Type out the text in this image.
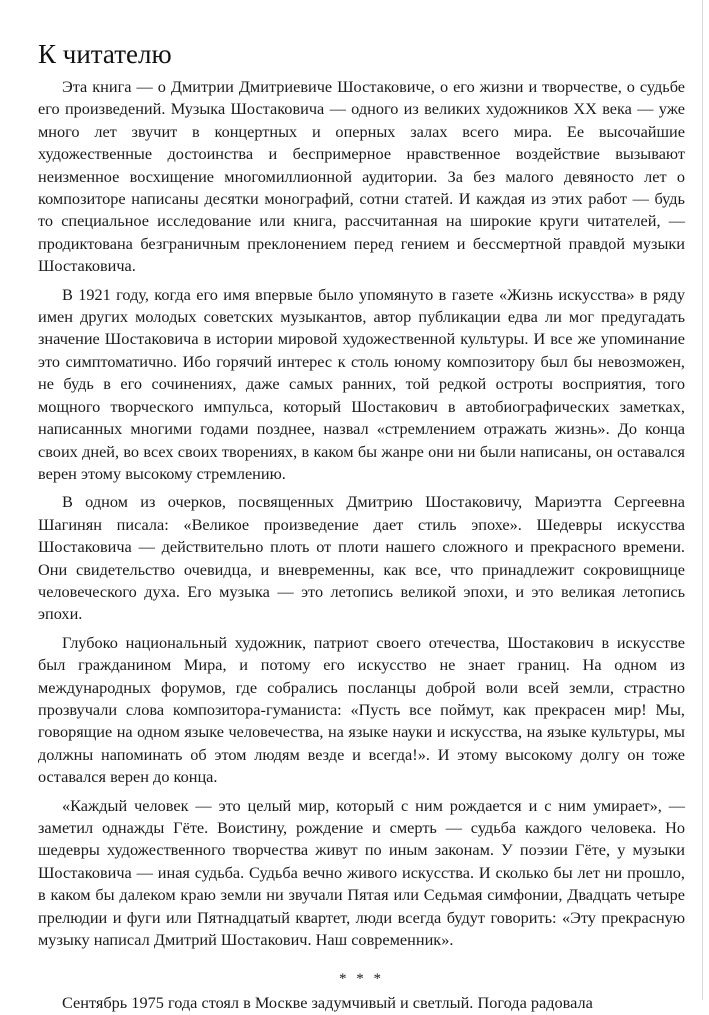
К читателю

Эта книга — о Дмитрии Дмитриевиче Шостаковиче, о его жизни и творчестве, о судьбе его произведений. Музыка Шостаковича — одного из великих художников XX века — уже много лет звучит в концертных и оперных залах всего мира. Ее высочайшие художественные достоинства и беспримерное нравственное воздействие вызывают неизменное восхищение многомиллионной аудитории. За без малого девяносто лет о композиторе написаны десятки монографий, сотни статей. И каждая из этих работ — будь то специальное исследование или книга, рассчитанная на широкие круги читателей, — продиктована безграничным преклонением перед гением и бессмертной правдой музыки Шостаковича.

В 1921 году, когда его имя впервые было упомянуто в газете «Жизнь искусства» в ряду имен других молодых советских музыкантов, автор публикации едва ли мог предугадать значение Шостаковича в истории мировой художественной культуры. И все же упоминание это симптоматично. Ибо горячий интерес к столь юному композитору был бы невозможен, не будь в его сочинениях, даже самых ранних, той редкой остроты восприятия, того мощного творческого импульса, который Шостакович в автобиографических заметках, написанных многими годами позднее, назвал «стремлением отражать жизнь». До конца своих дней, во всех своих творениях, в каком бы жанре они ни были написаны, он оставался верен этому высокому стремлению.

В одном из очерков, посвященных Дмитрию Шостаковичу, Мариэтта Сергеевна Шагинян писала: «Великое произведение дает стиль эпохе». Шедевры искусства Шостаковича — действительно плоть от плоти нашего сложного и прекрасного времени. Они свидетельство очевидца, и вневременны, как все, что принадлежит сокровищнице человеческого духа. Его музыка — это летопись великой эпохи, и это великая летопись эпохи.

Глубоко национальный художник, патриот своего отечества, Шостакович в искусстве был гражданином Мира, и потому его искусство не знает границ. На одном из международных форумов, где собрались посланцы доброй воли всей земли, страстно прозвучали слова композитора-гуманиста: «Пусть все поймут, как прекрасен мир! Мы, говорящие на одном языке человечества, на языке науки и искусства, на языке культуры, мы должны напоминать об этом людям везде и всегда!». И этому высокому долгу он тоже оставался верен до конца.

«Каждый человек — это целый мир, который с ним рождается и с ним умирает», — заметил однажды Гёте. Воистину, рождение и смерть — судьба каждого человека. Но шедевры художественного творчества живут по иным законам. У поэзии Гёте, у музыки Шостаковича — иная судьба. Судьба вечно живого искусства. И сколько бы лет ни прошло, в каком бы далеком краю земли ни звучали Пятая или Седьмая симфонии, Двадцать четыре прелюдии и фуги или Пятнадцатый квартет, люди всегда будут говорить: «Эту прекрасную музыку написал Дмитрий Шостакович. Наш современник».

* * *

Сентябрь 1975 года стоял в Москве задумчивый и светлый. Погода радовала
